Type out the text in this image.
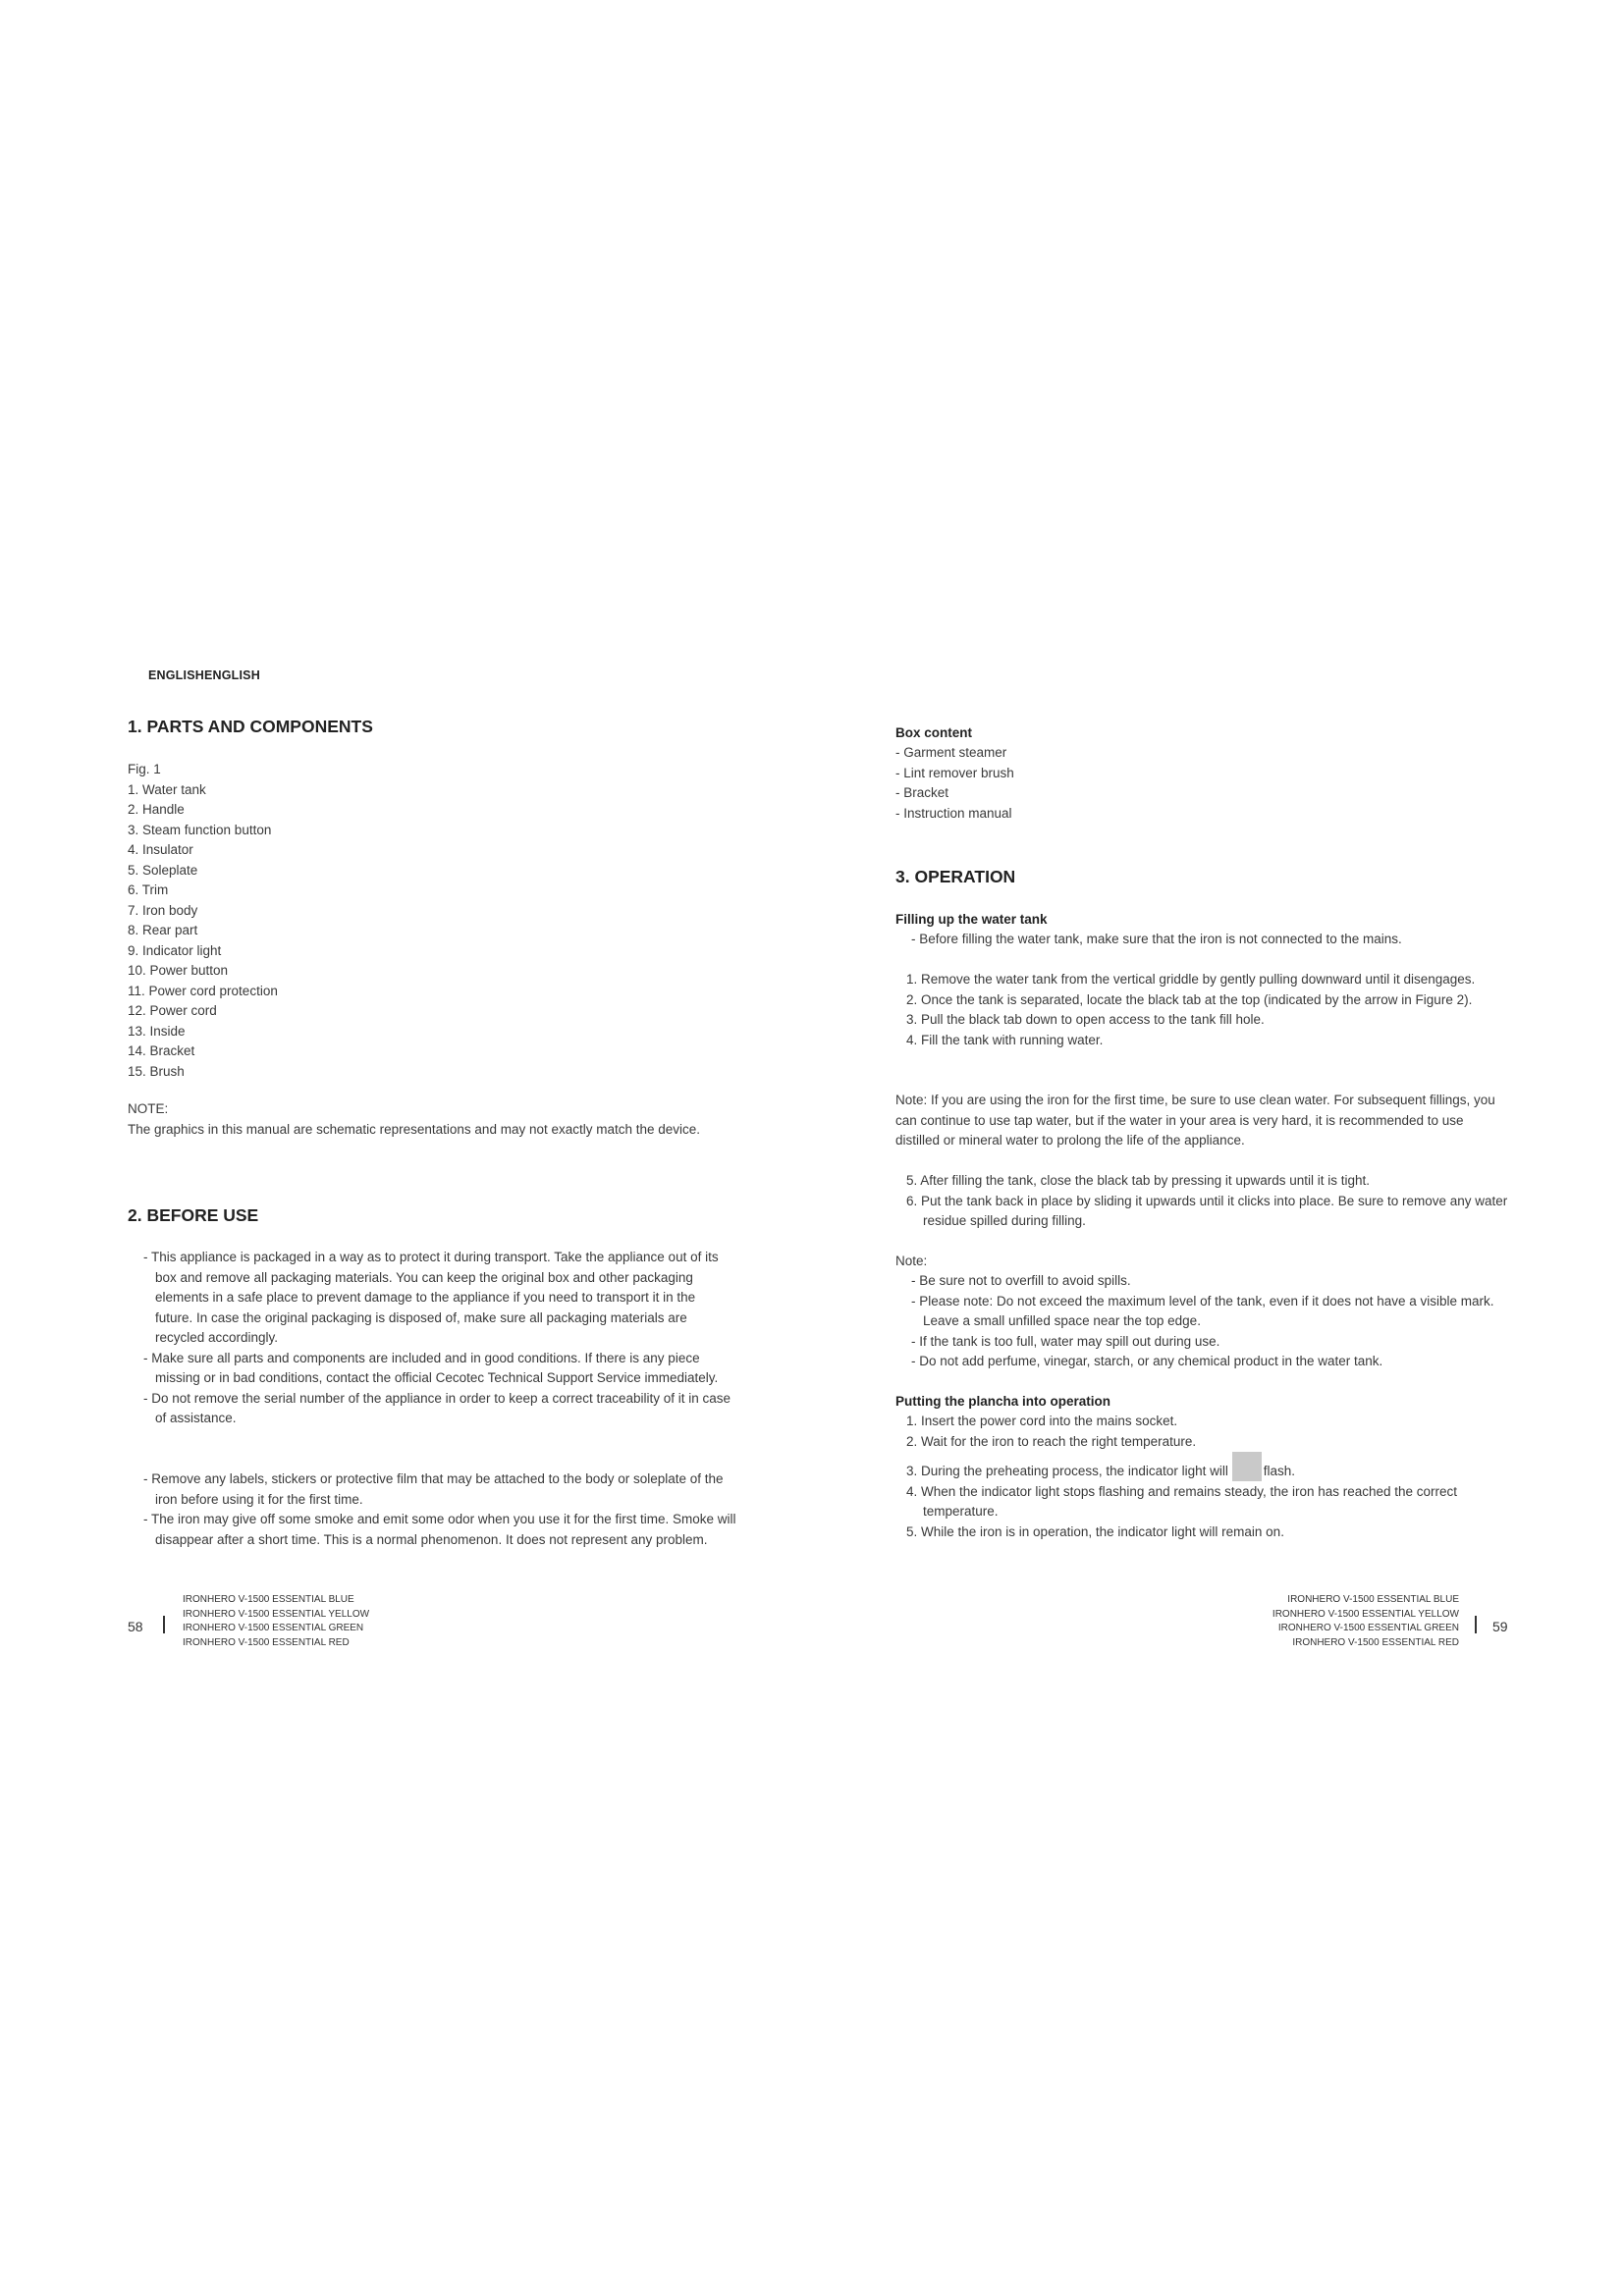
ENGLISHENGLISH
1. PARTS AND COMPONENTS

Fig. 1

1. Water tank
2. Handle
3. Steam function button
4. Insulator
5. Soleplate
6. Trim
7. Iron body
8. Rear part
9. Indicator light
10. Power button
11. Power cord protection
12. Power cord
13. Inside
14. Bracket
15. Brush

NOTE:

The graphics in this manual are schematic representations and may not exactly match the device.

2. BEFORE USE

- This appliance is packaged in a way as to protect it during transport. Take the appliance out of its box and remove all packaging materials. You can keep the original box and other packaging elements in a safe place to prevent damage to the appliance if you need to transport it in the future. In case the original packaging is disposed of, make sure all packaging materials are recycled accordingly.

- Make sure all parts and components are included and in good conditions. If there is any piece missing or in bad conditions, contact the official Cecotec Technical Support Service immediately.

- Do not remove the serial number of the appliance in order to keep a correct traceability of it in case of assistance.

- Remove any labels, stickers or protective film that may be attached to the body or soleplate of the iron before using it for the first time.

- The iron may give off some smoke and emit some odor when you use it for the first time. Smoke will disappear after a short time. This is a normal phenomenon. It does not represent any problem.

Box content

- Garment steamer

- Lint remover brush

- Bracket

- Instruction manual

3. OPERATION
Filling up the water tank

- Before filling the water tank, make sure that the iron is not connected to the mains.

1. Remove the water tank from the vertical griddle by gently pulling downward until it disengages.

2. Once the tank is separated, locate the black tab at the top (indicated by the arrow in Figure 2).

3. Pull the black tab down to open access to the tank fill hole.

4. Fill the tank with running water.

Note: If you are using the iron for the first time, be sure to use clean water. For subsequent fillings, you can continue to use tap water, but if the water in your area is very hard, it is recommended to use distilled or mineral water to prolong the life of the appliance.

5. After filling the tank, close the black tab by pressing it upwards until it is tight.

6. Put the tank back in place by sliding it upwards until it clicks into place. Be sure to remove any water residue spilled during filling.

Note:

- Be sure not to overfill to avoid spills.

- Please note: Do not exceed the maximum level of the tank, even if it does not have a visible mark. Leave a small unfilled space near the top edge.

- If the tank is too full, water may spill out during use.

- Do not add perfume, vinegar, starch, or any chemical product in the water tank.

Putting the plancha into operation

1. Insert the power cord into the mains socket.

2. Wait for the iron to reach the right temperature.

3. During the preheating process, the indicator light will flash.

4. When the indicator light stops flashing and remains steady, the iron has reached the correct temperature.

5. While the iron is in operation, the indicator light will remain on.

58
IRONHERO V-1500 ESSENTIAL BLUE
IRONHERO V-1500 ESSENTIAL YELLOW
IRONHERO V-1500 ESSENTIAL GREEN
IRONHERO V-1500 ESSENTIAL RED
IRONHERO V-1500 ESSENTIAL BLUE
IRONHERO V-1500 ESSENTIAL YELLOW
IRONHERO V-1500 ESSENTIAL GREEN
IRONHERO V-1500 ESSENTIAL RED
59
